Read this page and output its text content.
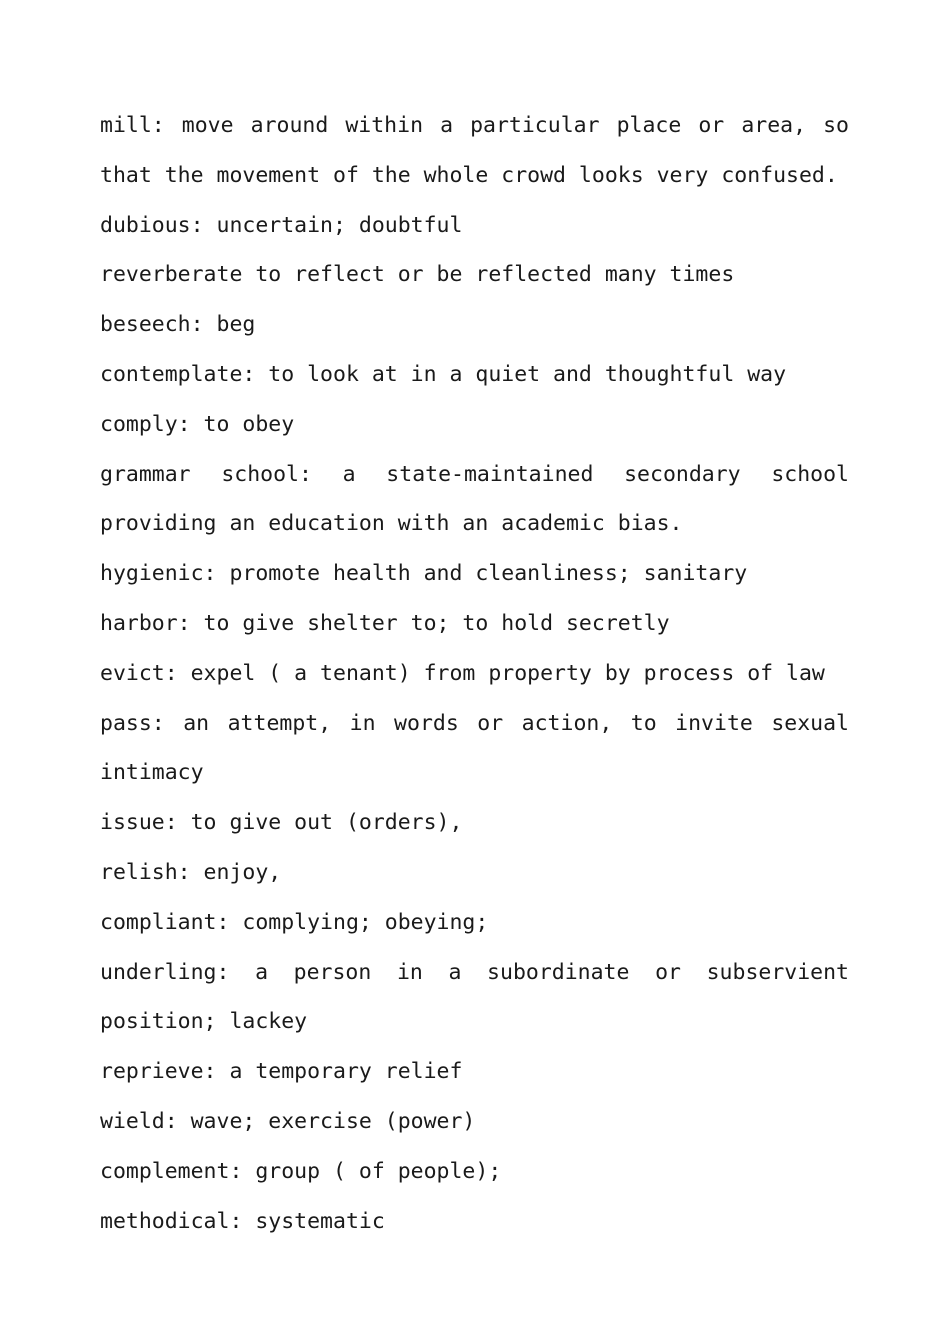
mill: move around within a particular place or area, so that the movement of the whole crowd looks very confused.

dubious: uncertain; doubtful

reverberate to reflect or be reflected many times

beseech: beg

contemplate: to look at in a quiet and thoughtful way

comply: to obey

grammar school: a state-maintained secondary school providing an education with an academic bias.

hygienic: promote health and cleanliness; sanitary

harbor: to give shelter to; to hold secretly

evict: expel ( a tenant) from property by process of law

pass: an attempt, in words or action, to invite sexual intimacy

issue: to give out (orders),

relish: enjoy,

compliant: complying; obeying;

underling: a person in a subordinate or subservient position; lackey

reprieve: a temporary relief

wield: wave; exercise (power)

complement: group ( of people);

methodical: systematic
